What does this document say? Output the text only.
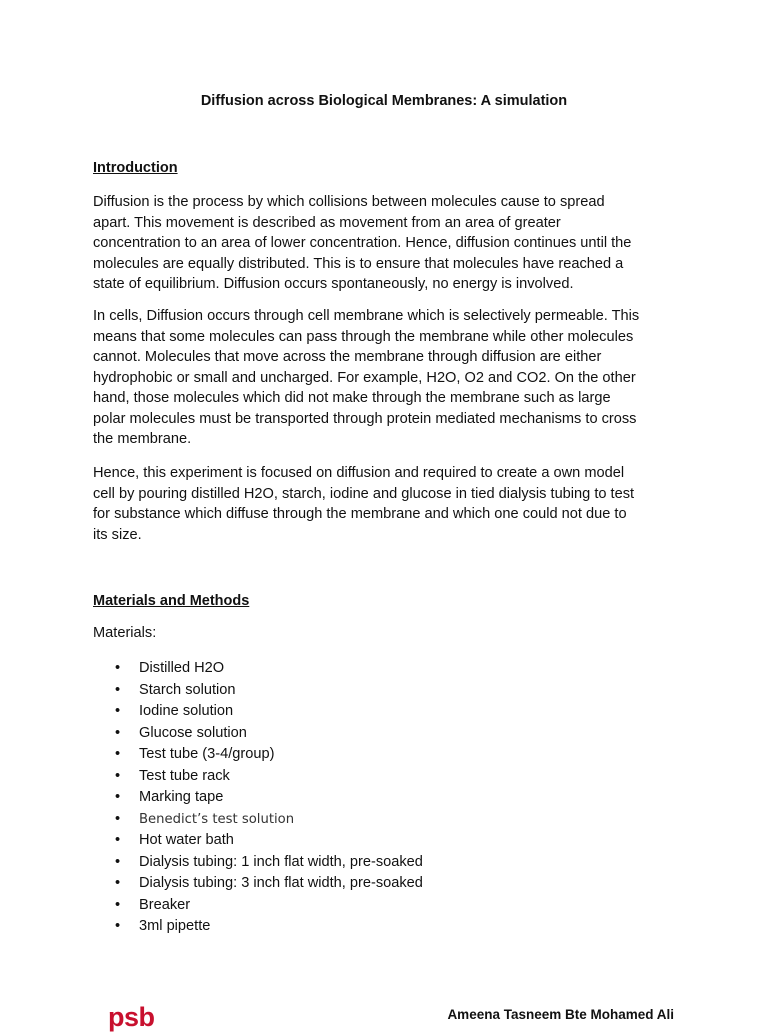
Diffusion across Biological Membranes: A simulation
Introduction

Diffusion is the process by which collisions between molecules cause to spread
apart. This movement is described as movement from an area of greater
concentration to an area of lower concentration. Hence, diffusion continues until the
molecules are equally distributed. This is to ensure that molecules have reached a
state of equilibrium. Diffusion occurs spontaneously, no energy is involved.

In cells, Diffusion occurs through cell membrane which is selectively permeable. This
means that some molecules can pass through the membrane while other molecules
cannot. Molecules that move across the membrane through diffusion are either
hydrophobic or small and uncharged. For example, H2O, O2 and CO2. On the other
hand, those molecules which did not make through the membrane such as large
polar molecules must be transported through protein mediated mechanisms to cross
the membrane.

Hence, this experiment is focused on diffusion and required to create a own model
cell by pouring distilled H2O, starch, iodine and glucose in tied dialysis tubing to test
for substance which diffuse through the membrane and which one could not due to
its size.

Materials and Methods

Materials:

• Distilled H2O
• Starch solution
• Iodine solution
• Glucose solution
• Test tube (3-4/group)
• Test tube rack
• Marking tape
• Benedict’s test solution
• Hot water bath
• Dialysis tubing: 1 inch flat width, pre-soaked
• Dialysis tubing: 3 inch flat width, pre-soaked
• Breaker
• 3ml pipette
psb	Ameena Tasneem Bte Mohamed Ali
